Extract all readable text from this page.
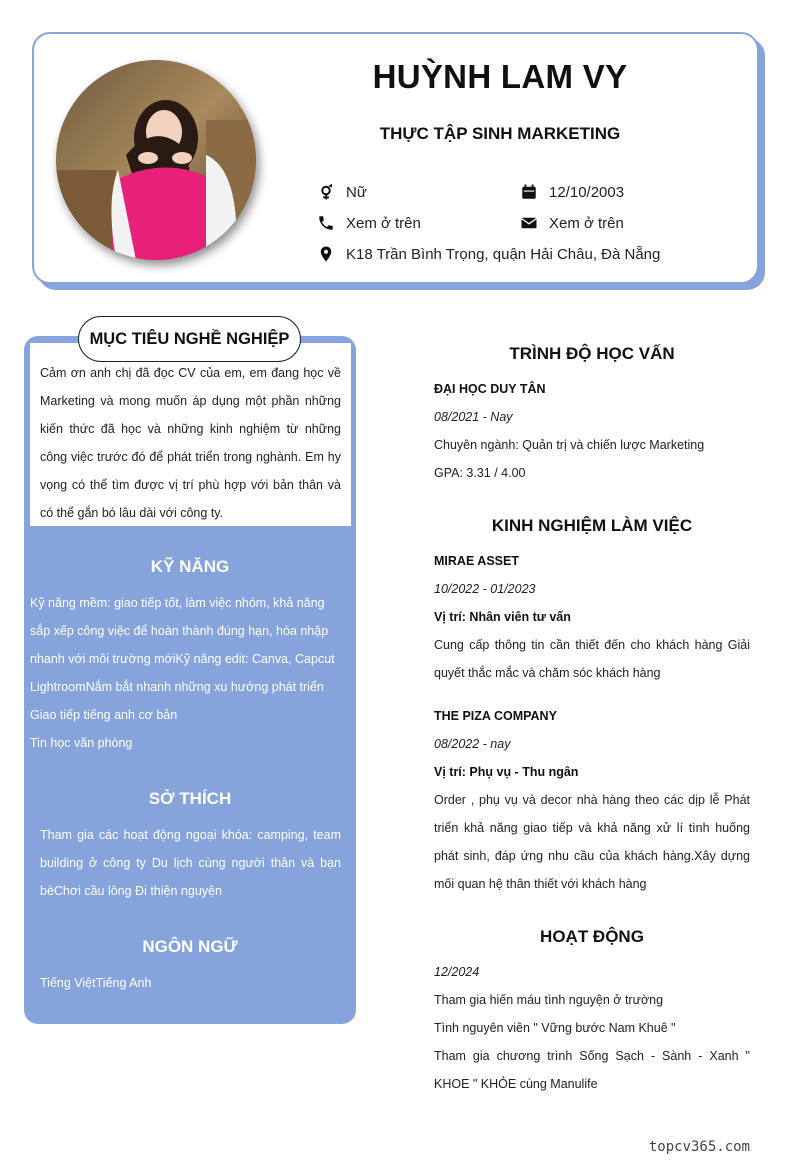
HUỲNH LAM VY
THỰC TẬP SINH MARKETING
Nữ	12/10/2003
Xem ở trên	Xem ở trên
K18 Trần Bình Trọng, quận Hải Châu, Đà Nẵng
MỤC TIÊU NGHỀ NGHIỆP
Cảm ơn anh chị đã đọc CV của em, em đang học về Marketing và mong muốn áp dụng một phần những kiến thức đã học và những kinh nghiệm từ những công việc trước đó để phát triển trong nghành. Em hy vọng có thể tìm được vị trí phù hợp với bản thân và có thể gắn bó lâu dài với công ty.
KỸ NĂNG
Kỹ năng mềm: giao tiếp tốt, làm việc nhóm, khả năng
sắp xếp công việc để hoàn thành đúng hạn, hòa nhập
nhanh với môi trường mớiKỹ năng edit: Canva, Capcut
LightroomNắm bắt nhanh những xu hướng phát triển
Giao tiếp tiếng anh cơ bản
Tin học văn phòng
SỞ THÍCH
Tham gia các hoạt động ngoại khóa: camping, team building ở công ty Du lịch cùng người thân và bạn bèChơi cầu lông Đi thiện nguyện
NGÔN NGỮ
Tiếng ViệtTiếng Anh
TRÌNH ĐỘ HỌC VẤN
ĐẠI HỌC DUY TÂN
08/2021 - Nay
Chuyên ngành: Quản trị và chiến lược Marketing
GPA: 3.31 / 4.00
KINH NGHIỆM LÀM VIỆC
MIRAE ASSET
10/2022 - 01/2023
Vị trí: Nhân viên tư vấn
Cung cấp thông tin cần thiết đến cho khách hàng Giải quyết thắc mắc và chăm sóc khách hàng
THE PIZA COMPANY
08/2022 - nay
Vị trí: Phụ vụ - Thu ngân
Order , phụ vụ và decor nhà hàng theo các dịp lễ Phát triển khả năng giao tiếp và khả năng xử lí tình huống phát sinh, đáp ứng nhu cầu của khách hàng.Xây dựng mối quan hệ thân thiết với khách hàng
HOẠT ĐỘNG
12/2024
Tham gia hiến máu tình nguyện ở trường
Tình nguyên viên " Vững bước Nam Khuê "
Tham gia chương trình Sống Sạch - Sành - Xanh " KHOE " KHỎE cùng Manulife
topcv365.com
